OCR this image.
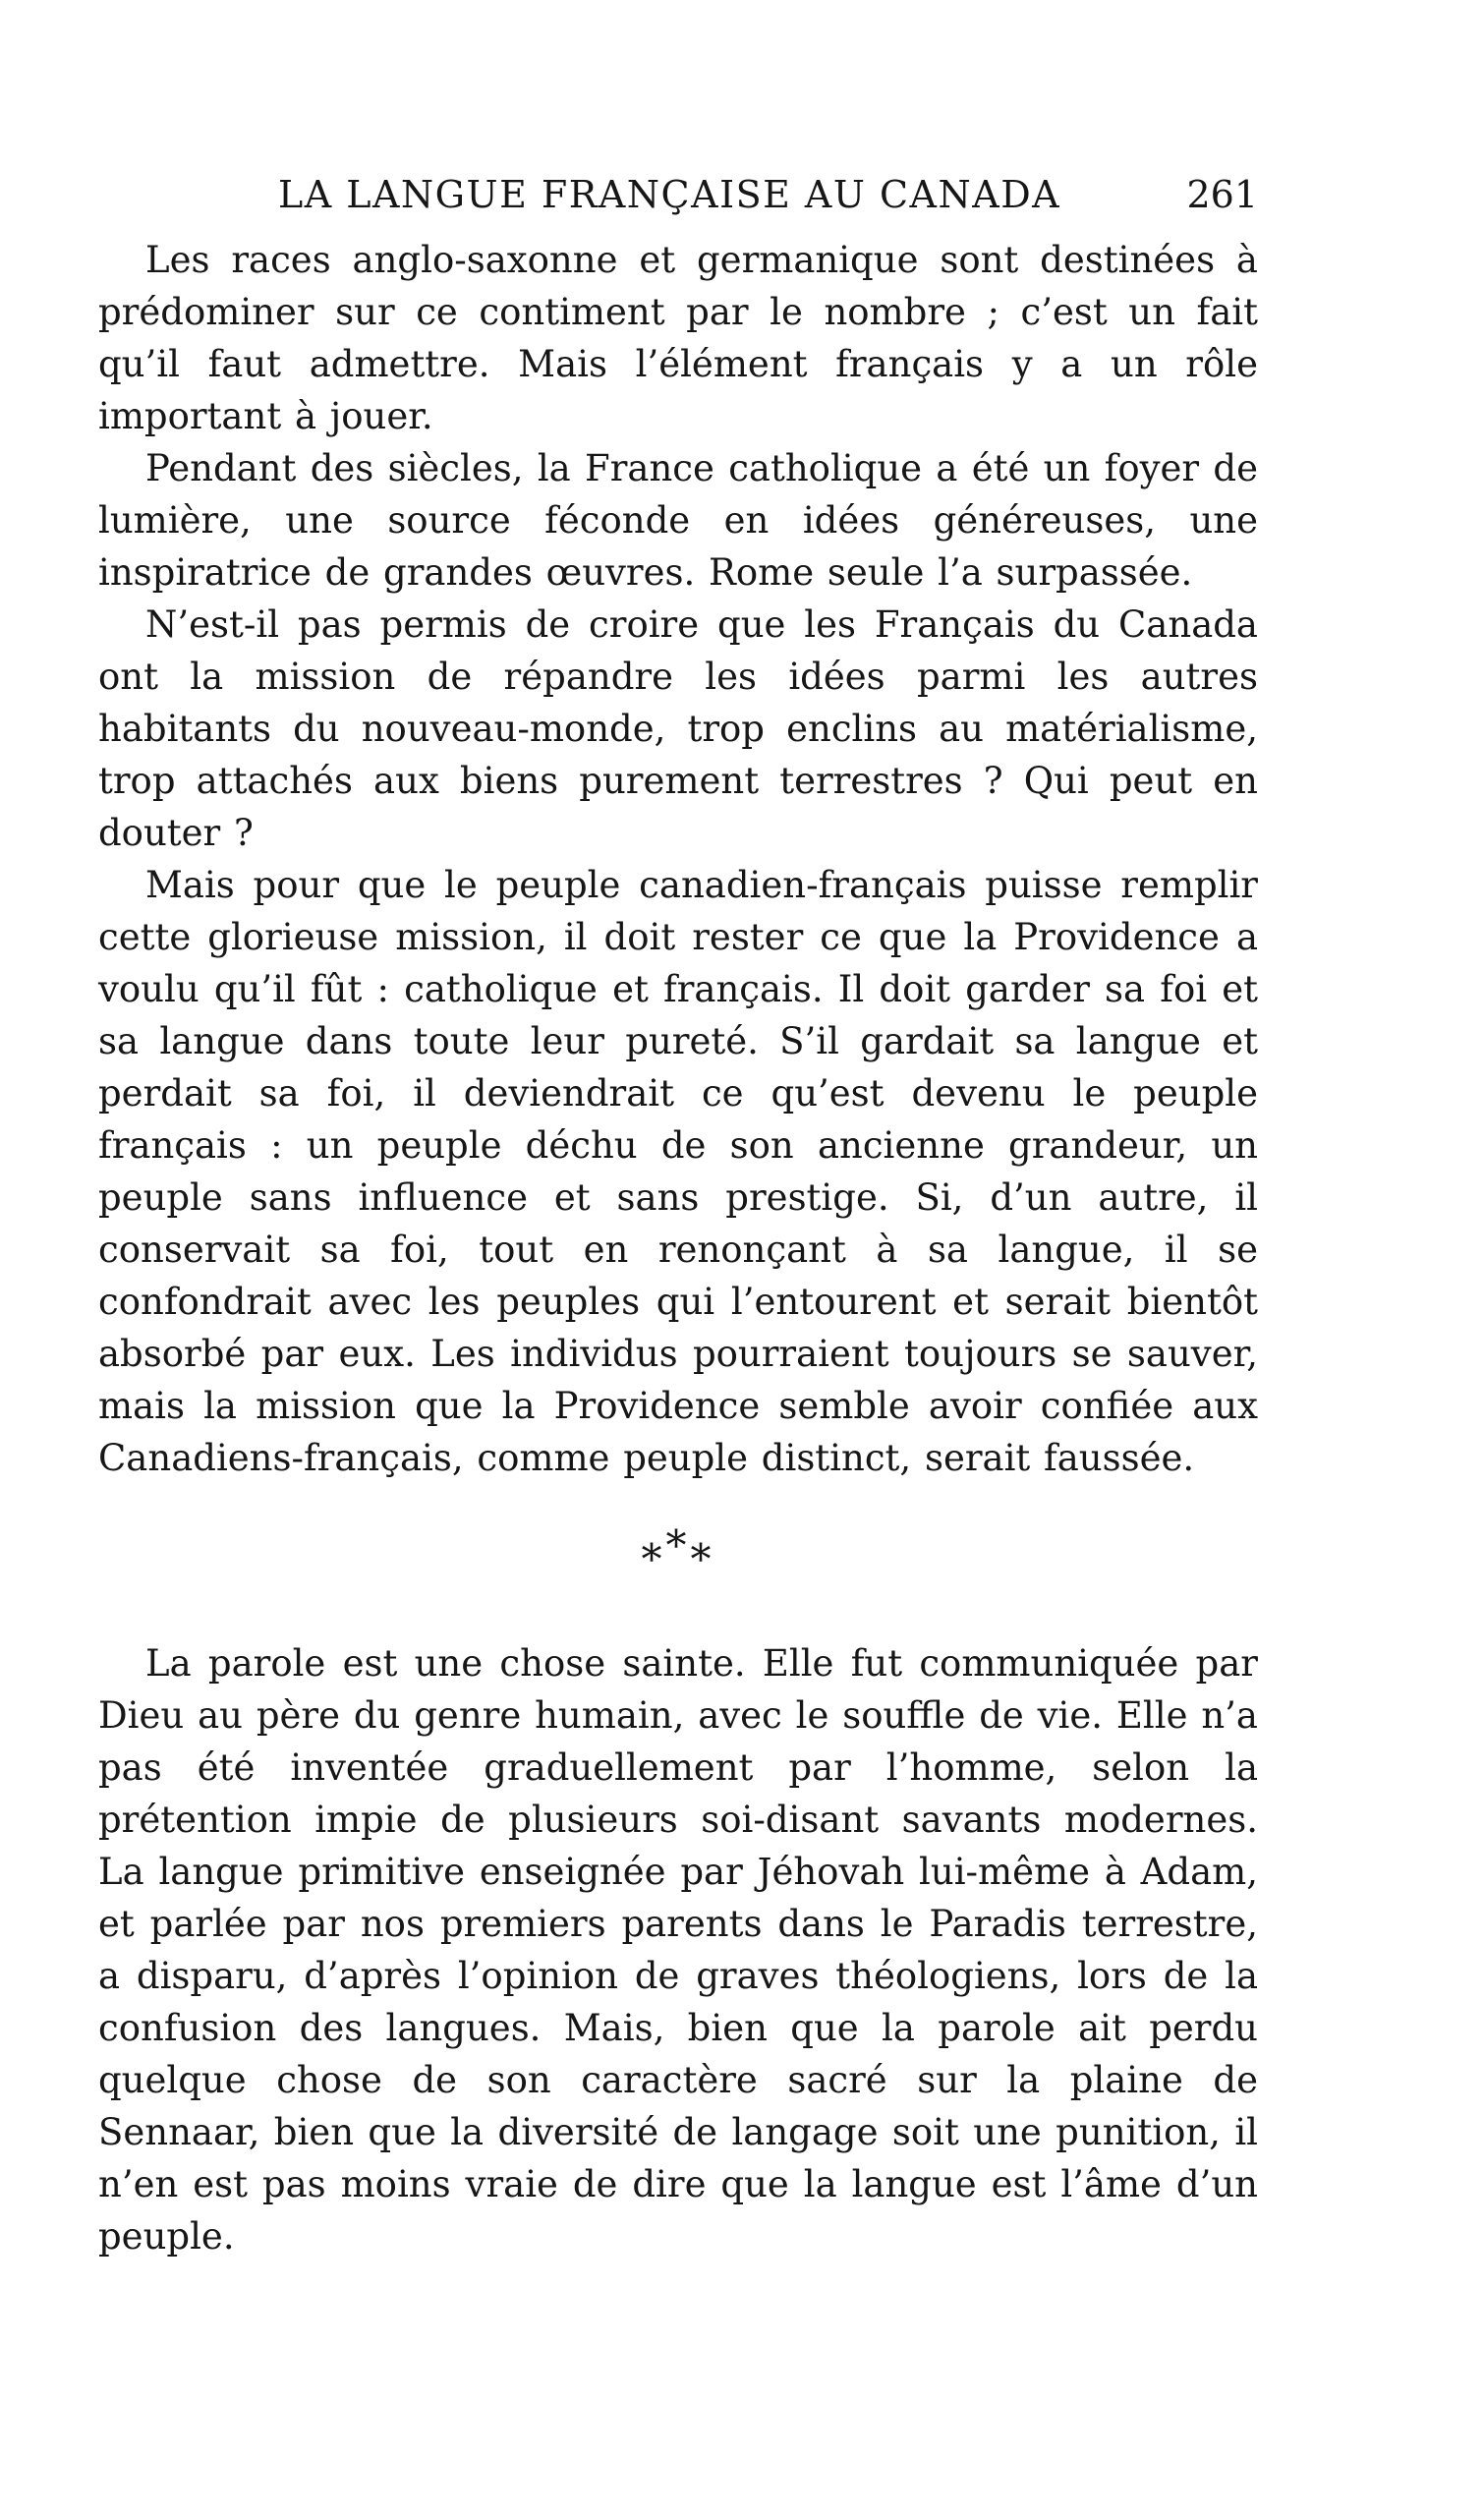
LA LANGUE FRANÇAISE AU CANADA	261

Les races anglo-saxonne et germanique sont destinées à prédominer sur ce contiment par le nombre ; c’est un fait qu’il faut admettre. Mais l’élément français y a un rôle important à jouer.

Pendant des siècles, la France catholique a été un foyer de lumière, une source féconde en idées généreuses, une inspiratrice de grandes œuvres. Rome seule l’a surpassée.

N’est-il pas permis de croire que les Français du Canada ont la mission de répandre les idées parmi les autres habitants du nouveau-monde, trop enclins au matérialisme, trop attachés aux biens purement terrestres ? Qui peut en douter ?

Mais pour que le peuple canadien-français puisse remplir cette glorieuse mission, il doit rester ce que la Providence a voulu qu’il fût : catholique et français. Il doit garder sa foi et sa langue dans toute leur pureté. S’il gardait sa langue et perdait sa foi, il deviendrait ce qu’est devenu le peuple français : un peuple déchu de son ancienne grandeur, un peuple sans influence et sans prestige. Si, d’un autre, il conservait sa foi, tout en renonçant à sa langue, il se confondrait avec les peuples qui l’entourent et serait bientôt absorbé par eux. Les individus pourraient toujours se sauver, mais la mission que la Providence semble avoir confiée aux Canadiens-français, comme peuple distinct, serait faussée.

***

La parole est une chose sainte. Elle fut communiquée par Dieu au père du genre humain, avec le souffle de vie. Elle n’a pas été inventée graduellement par l’homme, selon la prétention impie de plusieurs soi-disant savants modernes. La langue primitive enseignée par Jéhovah lui-même à Adam, et parlée par nos premiers parents dans le Paradis terrestre, a disparu, d’après l’opinion de graves théologiens, lors de la confusion des langues. Mais, bien que la parole ait perdu quelque chose de son caractère sacré sur la plaine de Sennaar, bien que la diversité de langage soit une punition, il n’en est pas moins vraie de dire que la langue est l’âme d’un peuple.
